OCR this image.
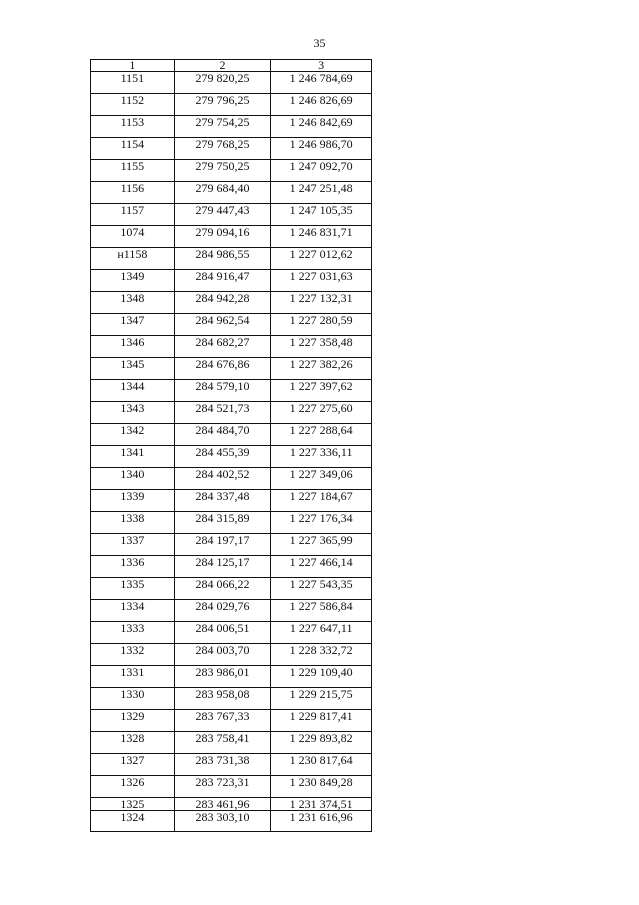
35
1	2	3
1151	279 820,25	1 246 784,69
1152	279 796,25	1 246 826,69
1153	279 754,25	1 246 842,69
1154	279 768,25	1 246 986,70
1155	279 750,25	1 247 092,70
1156	279 684,40	1 247 251,48
1157	279 447,43	1 247 105,35
1074	279 094,16	1 246 831,71
н1158	284 986,55	1 227 012,62
1349	284 916,47	1 227 031,63
1348	284 942,28	1 227 132,31
1347	284 962,54	1 227 280,59
1346	284 682,27	1 227 358,48
1345	284 676,86	1 227 382,26
1344	284 579,10	1 227 397,62
1343	284 521,73	1 227 275,60
1342	284 484,70	1 227 288,64
1341	284 455,39	1 227 336,11
1340	284 402,52	1 227 349,06
1339	284 337,48	1 227 184,67
1338	284 315,89	1 227 176,34
1337	284 197,17	1 227 365,99
1336	284 125,17	1 227 466,14
1335	284 066,22	1 227 543,35
1334	284 029,76	1 227 586,84
1333	284 006,51	1 227 647,11
1332	284 003,70	1 228 332,72
1331	283 986,01	1 229 109,40
1330	283 958,08	1 229 215,75
1329	283 767,33	1 229 817,41
1328	283 758,41	1 229 893,82
1327	283 731,38	1 230 817,64
1326	283 723,31	1 230 849,28
1325	283 461,96	1 231 374,51
1324	283 303,10	1 231 616,96
